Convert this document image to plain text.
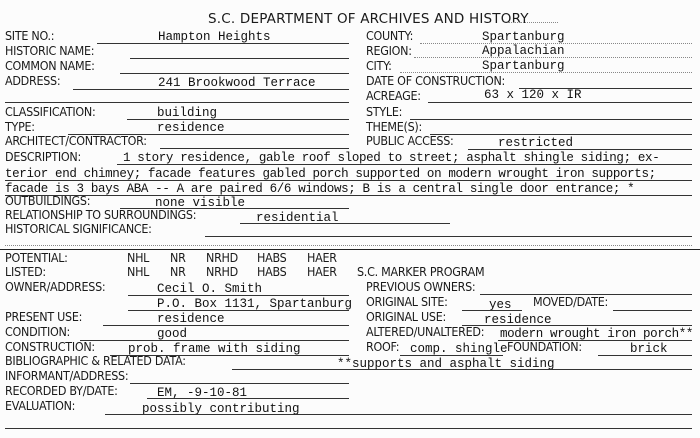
S.C. DEPARTMENT OF ARCHIVES AND HISTORY
SITE NO.:	Hampton Heights
HISTORIC NAME:
COMMON NAME:
ADDRESS:	241 Brookwood Terrace
COUNTY:	Spartanburg
REGION:	Appalachian
CITY:	Spartanburg
DATE OF CONSTRUCTION:
ACREAGE:	63 x 120 x IR
CLASSIFICATION:	building
TYPE:	residence
ARCHITECT/CONTRACTOR:
STYLE:
THEME(S):
PUBLIC ACCESS:	restricted
DESCRIPTION:	1 story residence, gable roof sloped to street; asphalt shingle siding; ex-
terior end chimney; facade features gabled porch supported on modern wrought iron supports;
facade is 3 bays ABA -- A are paired 6/6 windows; B is a central single door entrance; *
OUTBUILDINGS:	none visible
RELATIONSHIP TO SURROUNDINGS:	residential
HISTORICAL SIGNIFICANCE:
POTENTIAL:	NHL NR NRHD HABS HAER
LISTED:	NHL NR NRHD HABS HAER S.C. MARKER PROGRAM
OWNER/ADDRESS:	Cecil O. Smith
P.O. Box 1131, Spartanburg
PREVIOUS OWNERS:
ORIGINAL SITE:	yes MOVED/DATE:
PRESENT USE:	residence	ORIGINAL USE:	residence
CONDITION:	good	ALTERED/UNALTERED: modern wrought iron porch**
CONSTRUCTION:	prob. frame with siding	ROOF: comp. shingle FOUNDATION:	brick
BIBLIOGRAPHIC & RELATED DATA:	**supports and asphalt siding
INFORMANT/ADDRESS:
RECORDED BY/DATE:	EM, -9-10-81
EVALUATION:	possibly contributing
